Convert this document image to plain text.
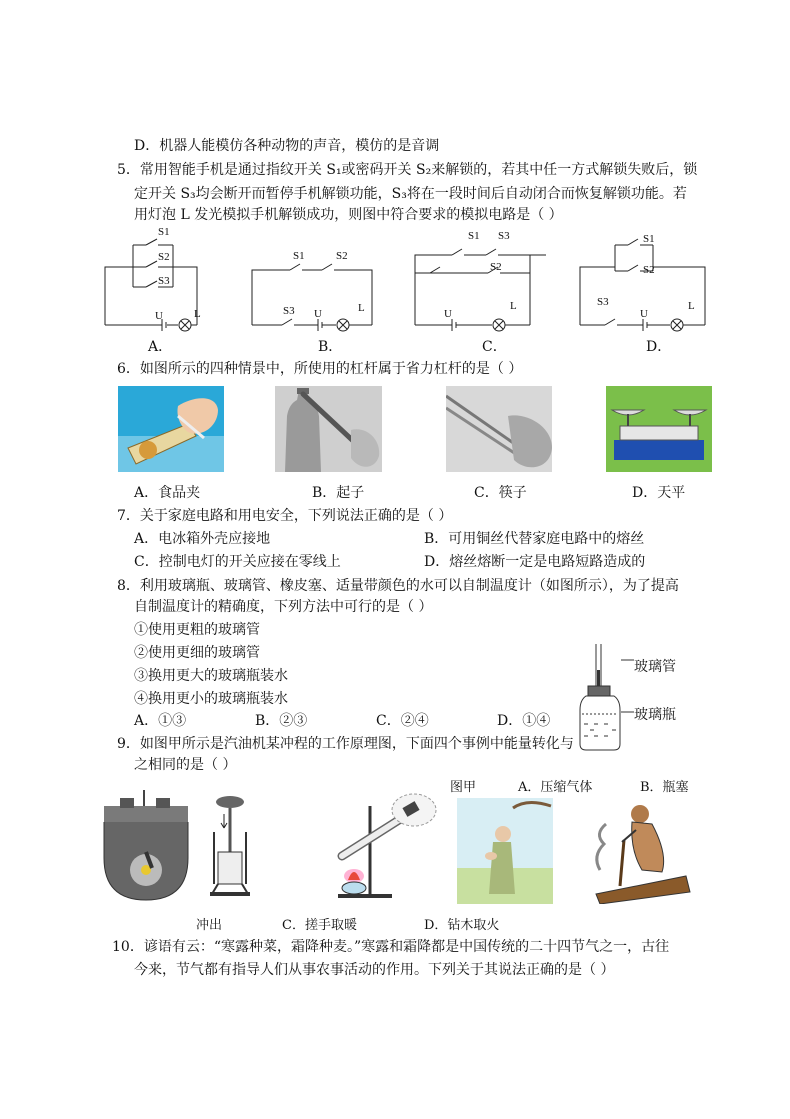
D．机器人能模仿各种动物的声音，模仿的是音调
5．常用智能手机是通过指纹开关 S₁或密码开关 S₂来解锁的，若其中任一方式解锁失败后，锁
定开关 S₃均会断开而暂停手机解锁功能，S₃将在一段时间后自动闭合而恢复解锁功能。若
用灯泡 L 发光模拟手机解锁成功，则图中符合要求的模拟电路是（ ）
S1
S2
S3
U	L
S1	S2
S3 U	L
S1 S3
S2
U
L
S1
S2
S3
U
L
A．	B．	C．	D．
6．如图所示的四种情景中，所使用的杠杆属于省力杠杆的是（ ）
A．食品夹	B．起子	C．筷子	D．天平
7．关于家庭电路和用电安全，下列说法正确的是（ ）
A．电冰箱外壳应接地	B．可用铜丝代替家庭电路中的熔丝
C．控制电灯的开关应接在零线上	D．熔丝熔断一定是电路短路造成的
8．利用玻璃瓶、玻璃管、橡皮塞、适量带颜色的水可以自制温度计（如图所示），为了提高
自制温度计的精确度，下列方法中可行的是（ ）
①使用更粗的玻璃管
②使用更细的玻璃管
③换用更大的玻璃瓶装水
④换用更小的玻璃瓶装水
A．①③	B．②③	C．②④	D．①④
玻璃管
玻璃瓶
9．如图甲所示是汽油机某冲程的工作原理图，下面四个事例中能量转化与
之相同的是（ ）
图甲	A．压缩气体	B．瓶塞
冲出	C．搓手取暖	D．钻木取火
10．谚语有云：“寒露种菜，霜降种麦。”寒露和霜降都是中国传统的二十四节气之一，古往
今来，节气都有指导人们从事农事活动的作用。下列关于其说法正确的是（ ）
